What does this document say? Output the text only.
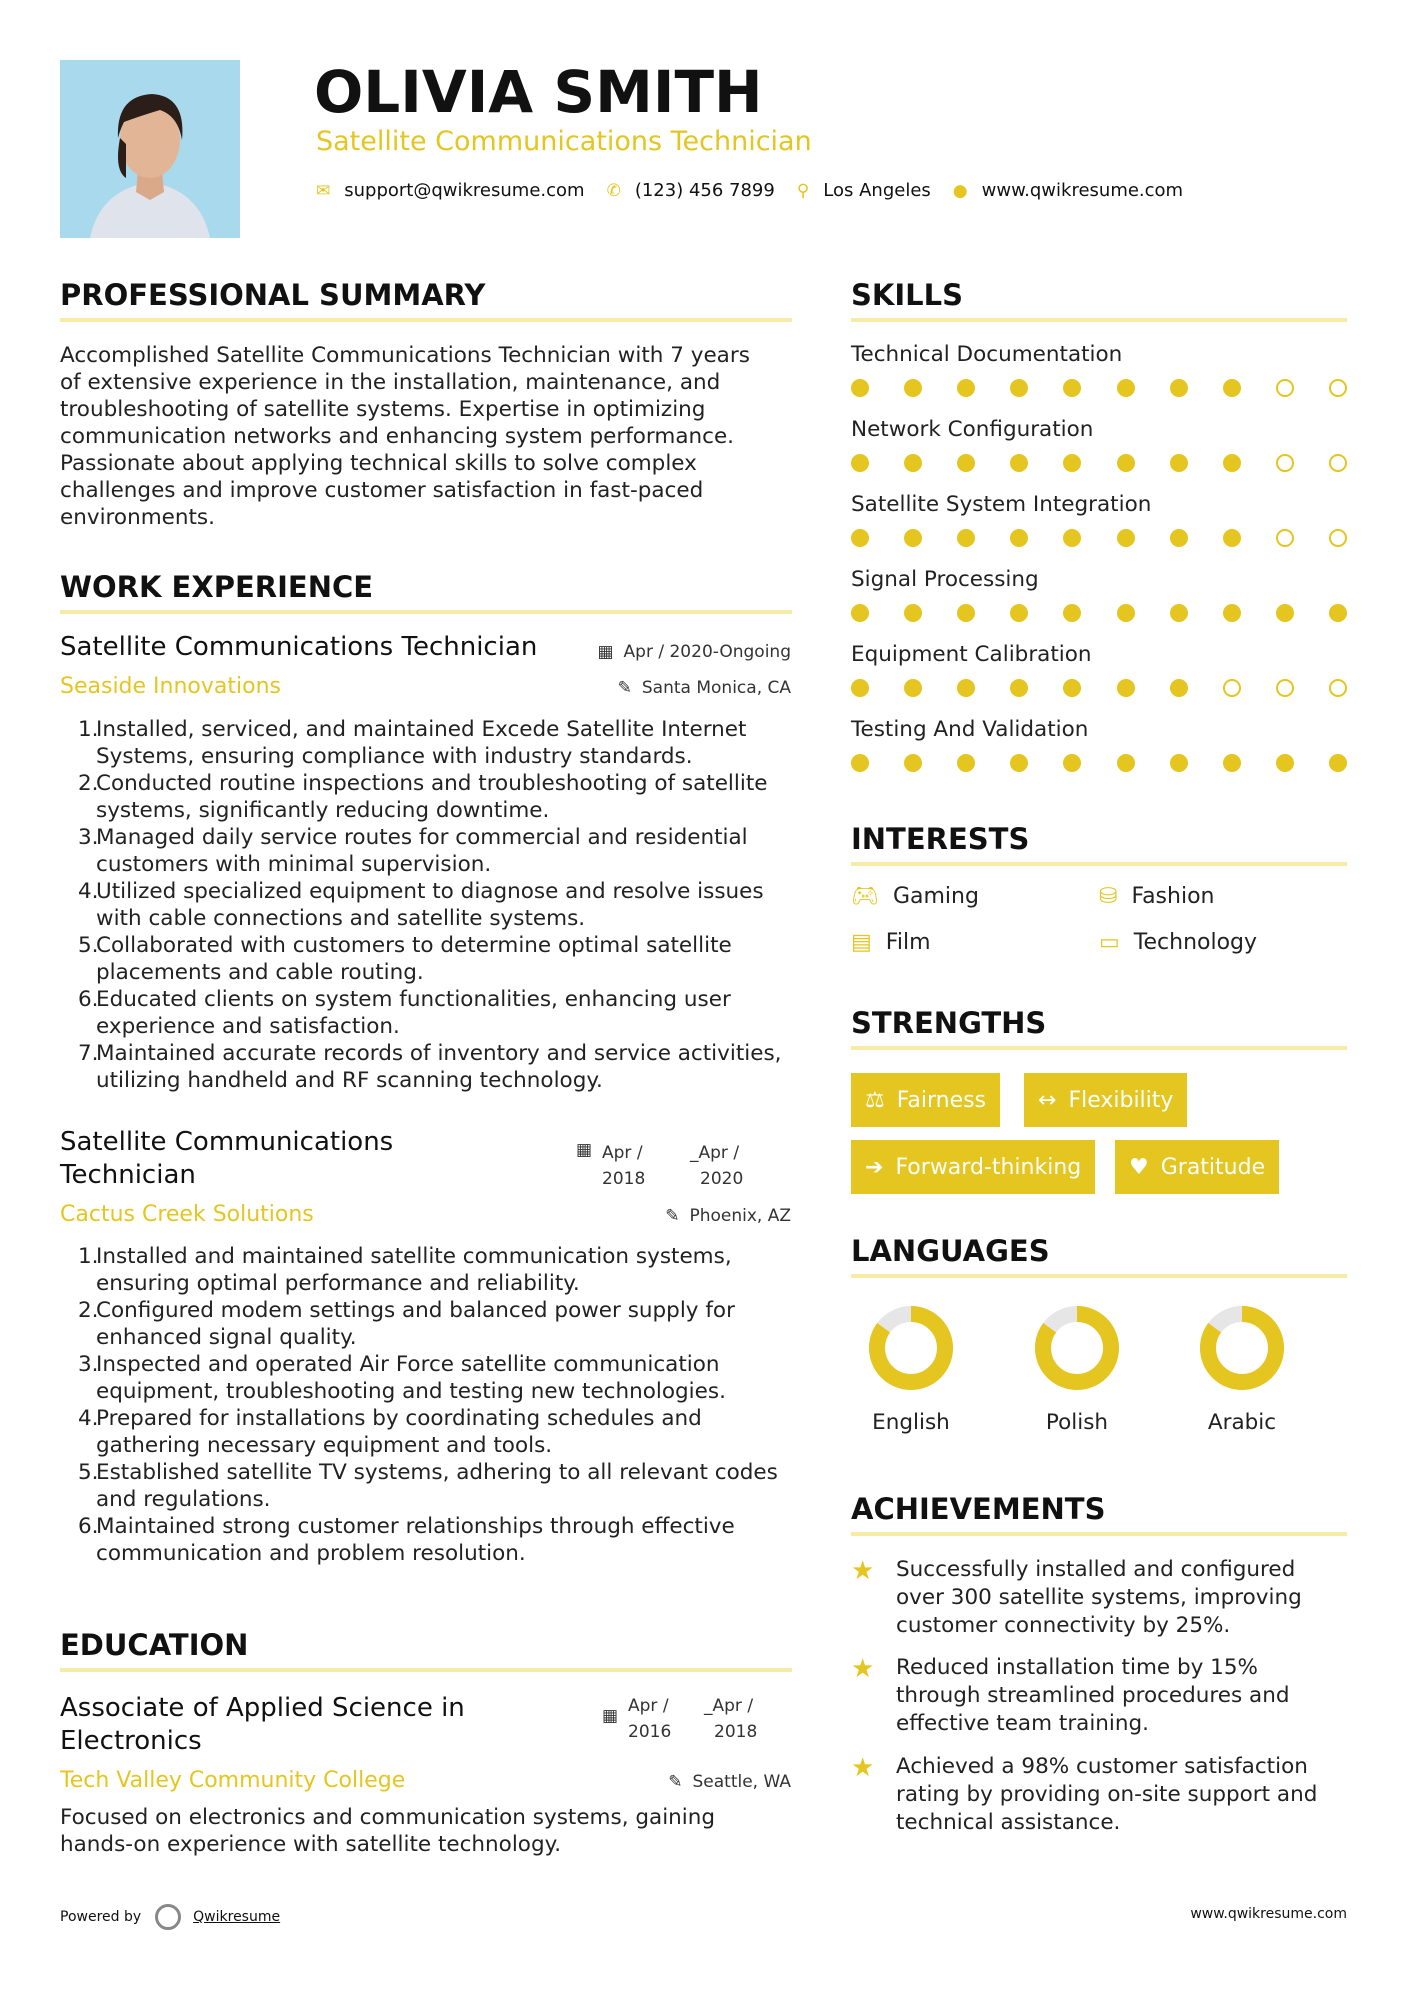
OLIVIA SMITH
Satellite Communications Technician
✉ support@qwikresume.com ✆ (123) 456 7899 ⚲ Los Angeles ● www.qwikresume.com
PROFESSIONAL SUMMARY
Accomplished Satellite Communications Technician with 7 years
of extensive experience in the installation, maintenance, and
troubleshooting of satellite systems. Expertise in optimizing
communication networks and enhancing system performance.
Passionate about applying technical skills to solve complex
challenges and improve customer satisfaction in fast-paced
environments.
WORK EXPERIENCE
Satellite Communications Technician	▦ Apr / 2020-Ongoing
Seaside Innovations	✎ Santa Monica, CA
1.
Installed, serviced, and maintained Excede Satellite Internet
Systems, ensuring compliance with industry standards.
2.
Conducted routine inspections and troubleshooting of satellite
systems, significantly reducing downtime.
3.
Managed daily service routes for commercial and residential
customers with minimal supervision.
4.
Utilized specialized equipment to diagnose and resolve issues
with cable connections and satellite systems.
5.
Collaborated with customers to determine optimal satellite
placements and cable routing.
6.
Educated clients on system functionalities, enhancing user
experience and satisfaction.
7.
Maintained accurate records of inventory and service activities,
utilizing handheld and RF scanning technology.
Satellite Communications
Technician
▦ Apr /
2018
_Apr /
2020
Cactus Creek Solutions	✎ Phoenix, AZ
1.
Installed and maintained satellite communication systems,
ensuring optimal performance and reliability.
2.
Configured modem settings and balanced power supply for
enhanced signal quality.
3.
Inspected and operated Air Force satellite communication
equipment, troubleshooting and testing new technologies.
4.
Prepared for installations by coordinating schedules and
gathering necessary equipment and tools.
5.
Established satellite TV systems, adhering to all relevant codes
and regulations.
6.
Maintained strong customer relationships through effective
communication and problem resolution.
EDUCATION
Associate of Applied Science in
Electronics
▦ Apr /
2016
_Apr /
2018
Tech Valley Community College	✎ Seattle, WA
Focused on electronics and communication systems, gaining
hands-on experience with satellite technology.
SKILLS
Technical Documentation
Network Configuration
Satellite System Integration
Signal Processing
Equipment Calibration
Testing And Validation
INTERESTS
🎮︎ Gaming	⛁ Fashion
▤ Film	▭ Technology
STRENGTHS
⚖ Fairness ↔ Flexibility
➔ Forward-thinking ♥ Gratitude
LANGUAGES
English	Polish	Arabic
ACHIEVEMENTS
★ Successfully installed and configured
over 300 satellite systems, improving
customer connectivity by 25%.
★ Reduced installation time by 15%
through streamlined procedures and
effective team training.
★ Achieved a 98% customer satisfaction
rating by providing on-site support and
technical assistance.
Powered by	Qwikresume	www.qwikresume.com
